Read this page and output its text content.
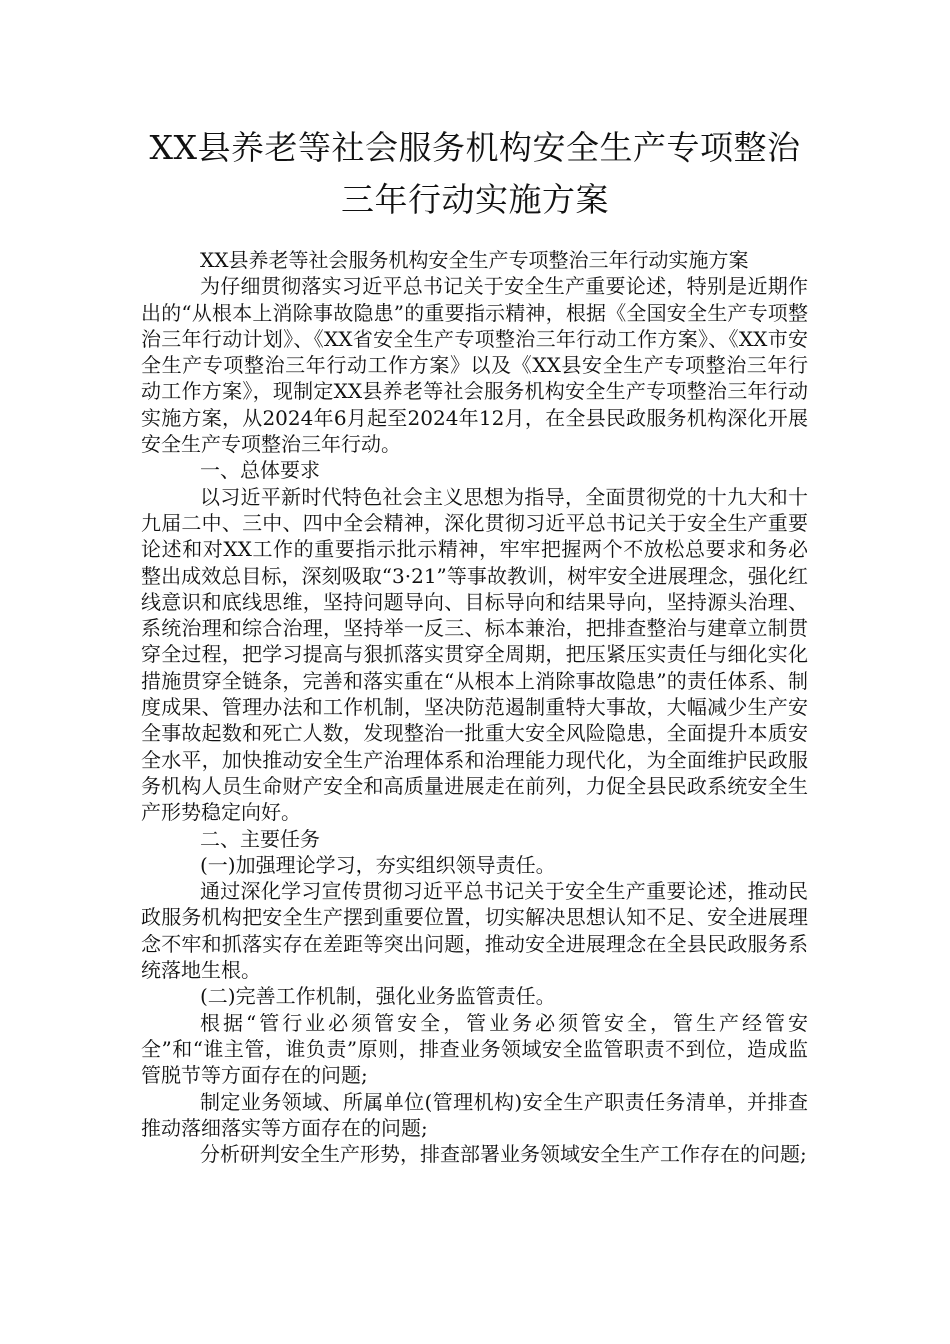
XX县养老等社会服务机构安全生产专项整治三年行动实施方案

XX县养老等社会服务机构安全生产专项整治三年行动实施方案

为仔细贯彻落实习近平总书记关于安全生产重要论述，特别是近期作出的“从根本上消除事故隐患”的重要指示精神，根据《全国安全生产专项整治三年行动计划》、《XX省安全生产专项整治三年行动工作方案》、《XX市安全生产专项整治三年行动工作方案》以及《XX县安全生产专项整治三年行动工作方案》，现制定XX县养老等社会服务机构安全生产专项整治三年行动实施方案，从2024年6月起至2024年12月，在全县民政服务机构深化开展安全生产专项整治三年行动。

一、总体要求

以习近平新时代特色社会主义思想为指导，全面贯彻党的十九大和十九届二中、三中、四中全会精神，深化贯彻习近平总书记关于安全生产重要论述和对XX工作的重要指示批示精神，牢牢把握两个不放松总要求和务必整出成效总目标，深刻吸取“3·21”等事故教训，树牢安全进展理念，强化红线意识和底线思维，坚持问题导向、目标导向和结果导向，坚持源头治理、系统治理和综合治理，坚持举一反三、标本兼治，把排查整治与建章立制贯穿全过程，把学习提高与狠抓落实贯穿全周期，把压紧压实责任与细化实化措施贯穿全链条，完善和落实重在“从根本上消除事故隐患”的责任体系、制度成果、管理办法和工作机制，坚决防范遏制重特大事故，大幅减少生产安全事故起数和死亡人数，发现整治一批重大安全风险隐患，全面提升本质安全水平，加快推动安全生产治理体系和治理能力现代化，为全面维护民政服务机构人员生命财产安全和高质量进展走在前列，力促全县民政系统安全生产形势稳定向好。

二、主要任务

(一)加强理论学习，夯实组织领导责任。

通过深化学习宣传贯彻习近平总书记关于安全生产重要论述，推动民政服务机构把安全生产摆到重要位置，切实解决思想认知不足、安全进展理念不牢和抓落实存在差距等突出问题，推动安全进展理念在全县民政服务系统落地生根。

(二)完善工作机制，强化业务监管责任。

根据“管行业必须管安全，管业务必须管安全，管生产经管安全”和“谁主管，谁负责”原则，排查业务领域安全监管职责不到位，造成监管脱节等方面存在的问题;

制定业务领域、所属单位(管理机构)安全生产职责任务清单，并排查推动落细落实等方面存在的问题;

分析研判安全生产形势，排查部署业务领域安全生产工作存在的问题;
